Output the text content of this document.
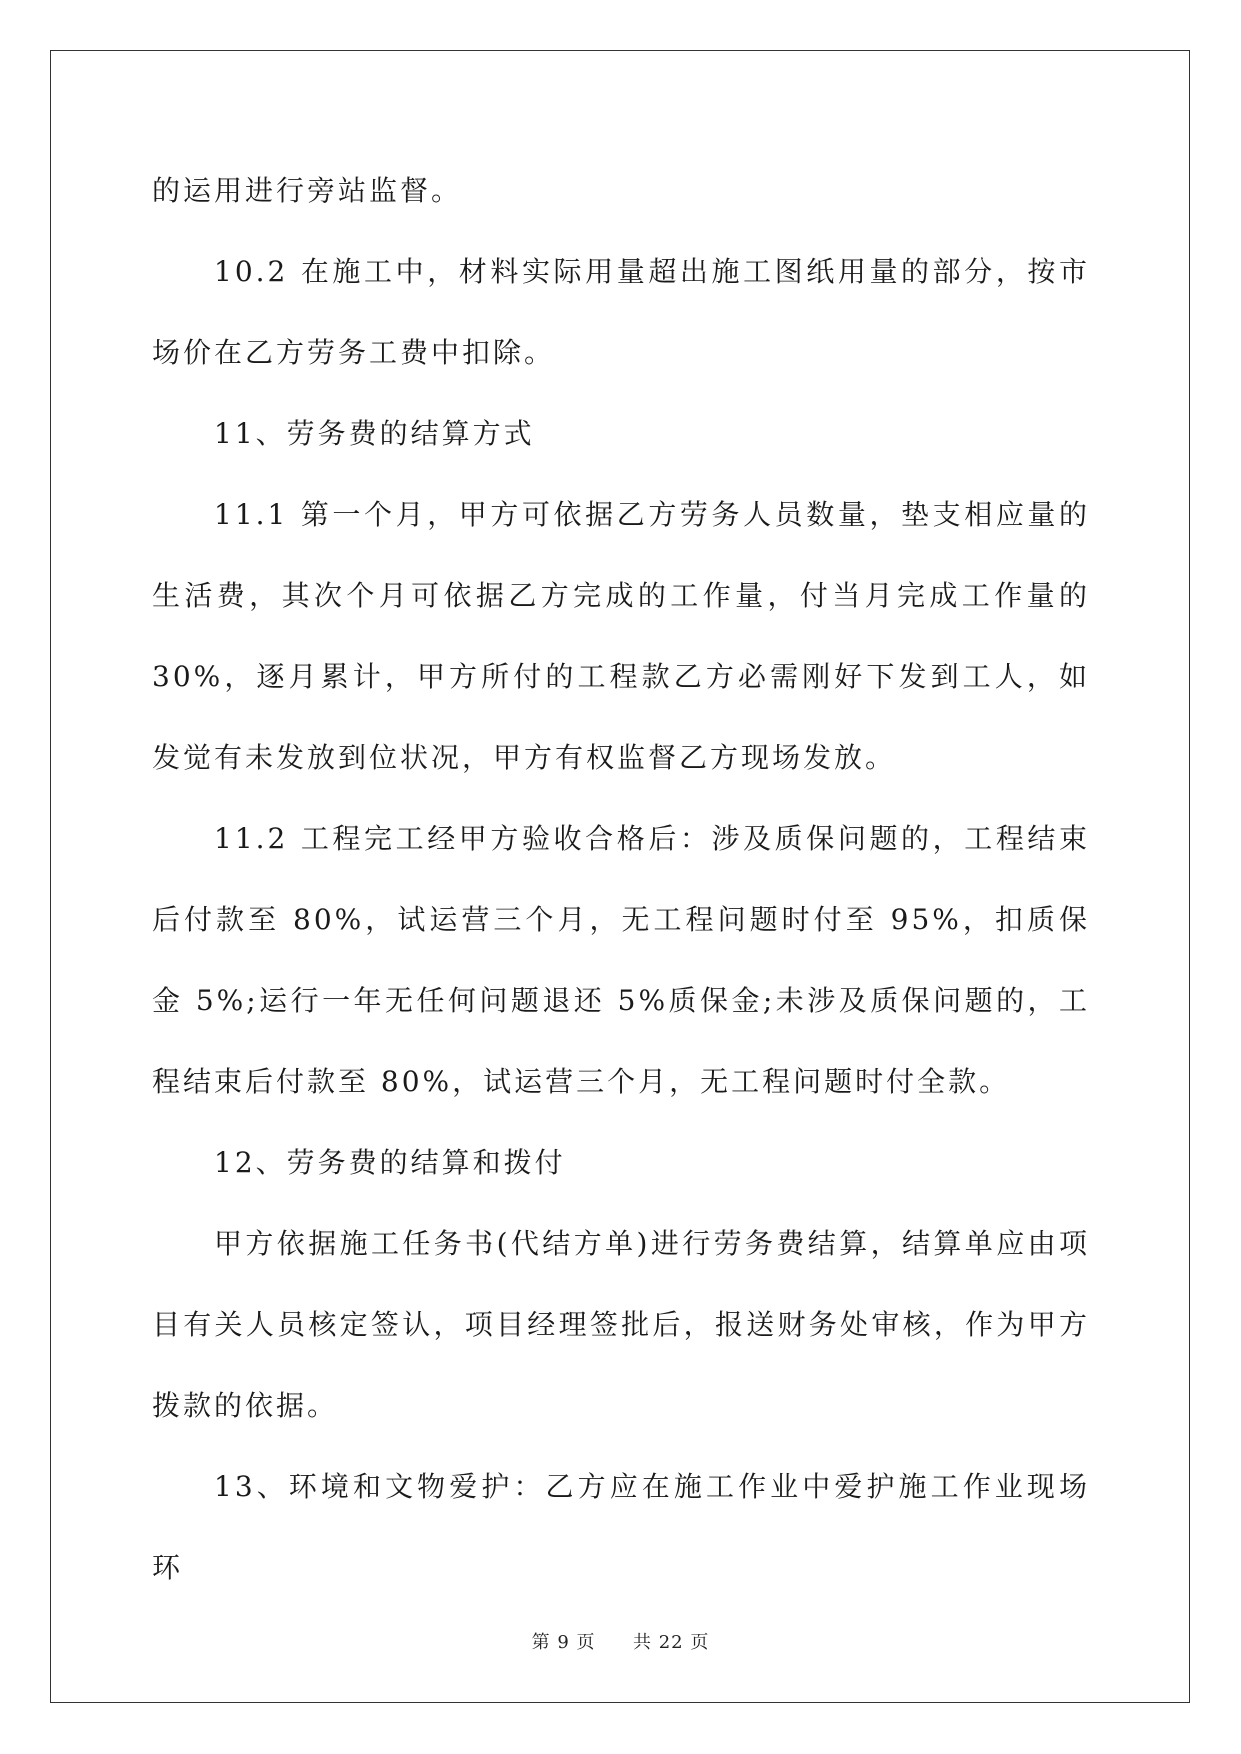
的运用进行旁站监督。

10.2 在施工中，材料实际用量超出施工图纸用量的部分，按市场价在乙方劳务工费中扣除。

11、劳务费的结算方式

11.1 第一个月，甲方可依据乙方劳务人员数量，垫支相应量的生活费，其次个月可依据乙方完成的工作量，付当月完成工作量的 30%，逐月累计，甲方所付的工程款乙方必需刚好下发到工人，如发觉有未发放到位状况，甲方有权监督乙方现场发放。

11.2 工程完工经甲方验收合格后：涉及质保问题的，工程结束后付款至 80%，试运营三个月，无工程问题时付至 95%，扣质保金 5%;运行一年无任何问题退还 5%质保金;未涉及质保问题的，工程结束后付款至 80%，试运营三个月，无工程问题时付全款。

12、劳务费的结算和拨付

甲方依据施工任务书(代结方单)进行劳务费结算，结算单应由项目有关人员核定签认，项目经理签批后，报送财务处审核，作为甲方拨款的依据。

13、环境和文物爱护：乙方应在施工作业中爱护施工作业现场环

第 9 页 共 22 页
